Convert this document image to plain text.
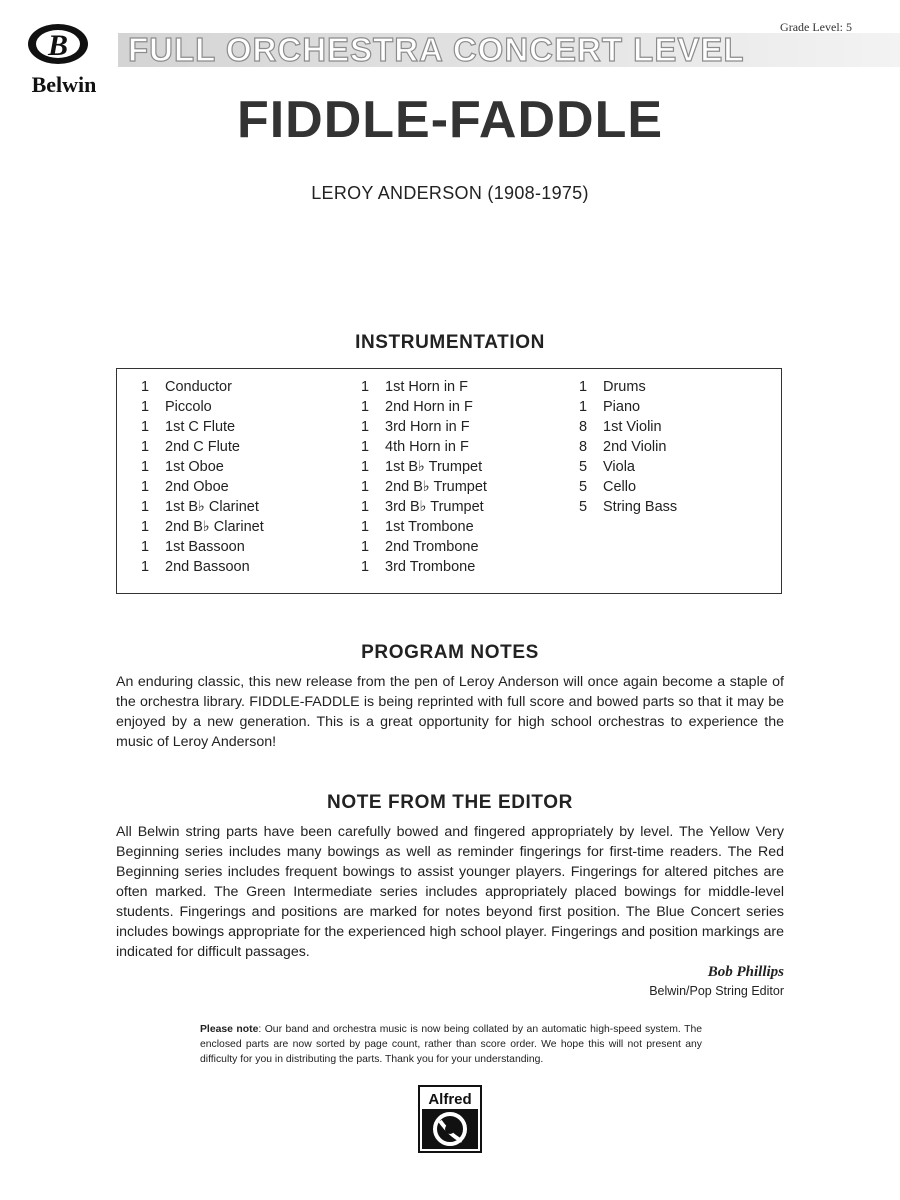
B
Belwin
FULL ORCHESTRA CONCERT LEVEL
Grade Level: 5
FIDDLE-FADDLE
LEROY ANDERSON (1908-1975)
INSTRUMENTATION
1 Conductor
1 Piccolo
1 1st C Flute
1 2nd C Flute
1 1st Oboe
1 2nd Oboe
1 1st B♭ Clarinet
1 2nd B♭ Clarinet
1 1st Bassoon
1 2nd Bassoon
1 1st Horn in F
1 2nd Horn in F
1 3rd Horn in F
1 4th Horn in F
1 1st B♭ Trumpet
1 2nd B♭ Trumpet
1 3rd B♭ Trumpet
1 1st Trombone
1 2nd Trombone
1 3rd Trombone
1 Drums
1 Piano
8 1st Violin
8 2nd Violin
5 Viola
5 Cello
5 String Bass
PROGRAM NOTES
An enduring classic, this new release from the pen of Leroy Anderson will once again become a staple of the orchestra library. FIDDLE-FADDLE is being reprinted with full score and bowed parts so that it may be enjoyed by a new generation. This is a great opportunity for high school orchestras to experience the music of Leroy Anderson!
NOTE FROM THE EDITOR
All Belwin string parts have been carefully bowed and fingered appropriately by level. The Yellow Very Beginning series includes many bowings as well as reminder fingerings for first-time readers. The Red Beginning series includes frequent bowings to assist younger players. Fingerings for altered pitches are often marked. The Green Intermediate series includes appropriately placed bowings for middle-level students. Fingerings and positions are marked for notes beyond first position. The Blue Concert series includes bowings appropriate for the experienced high school player. Fingerings and position markings are indicated for difficult passages.
Bob Phillips
Belwin/Pop String Editor
Please note: Our band and orchestra music is now being collated by an automatic high-speed system. The enclosed parts are now sorted by page count, rather than score order. We hope this will not present any difficulty for you in distributing the parts. Thank you for your understanding.
Alfred
